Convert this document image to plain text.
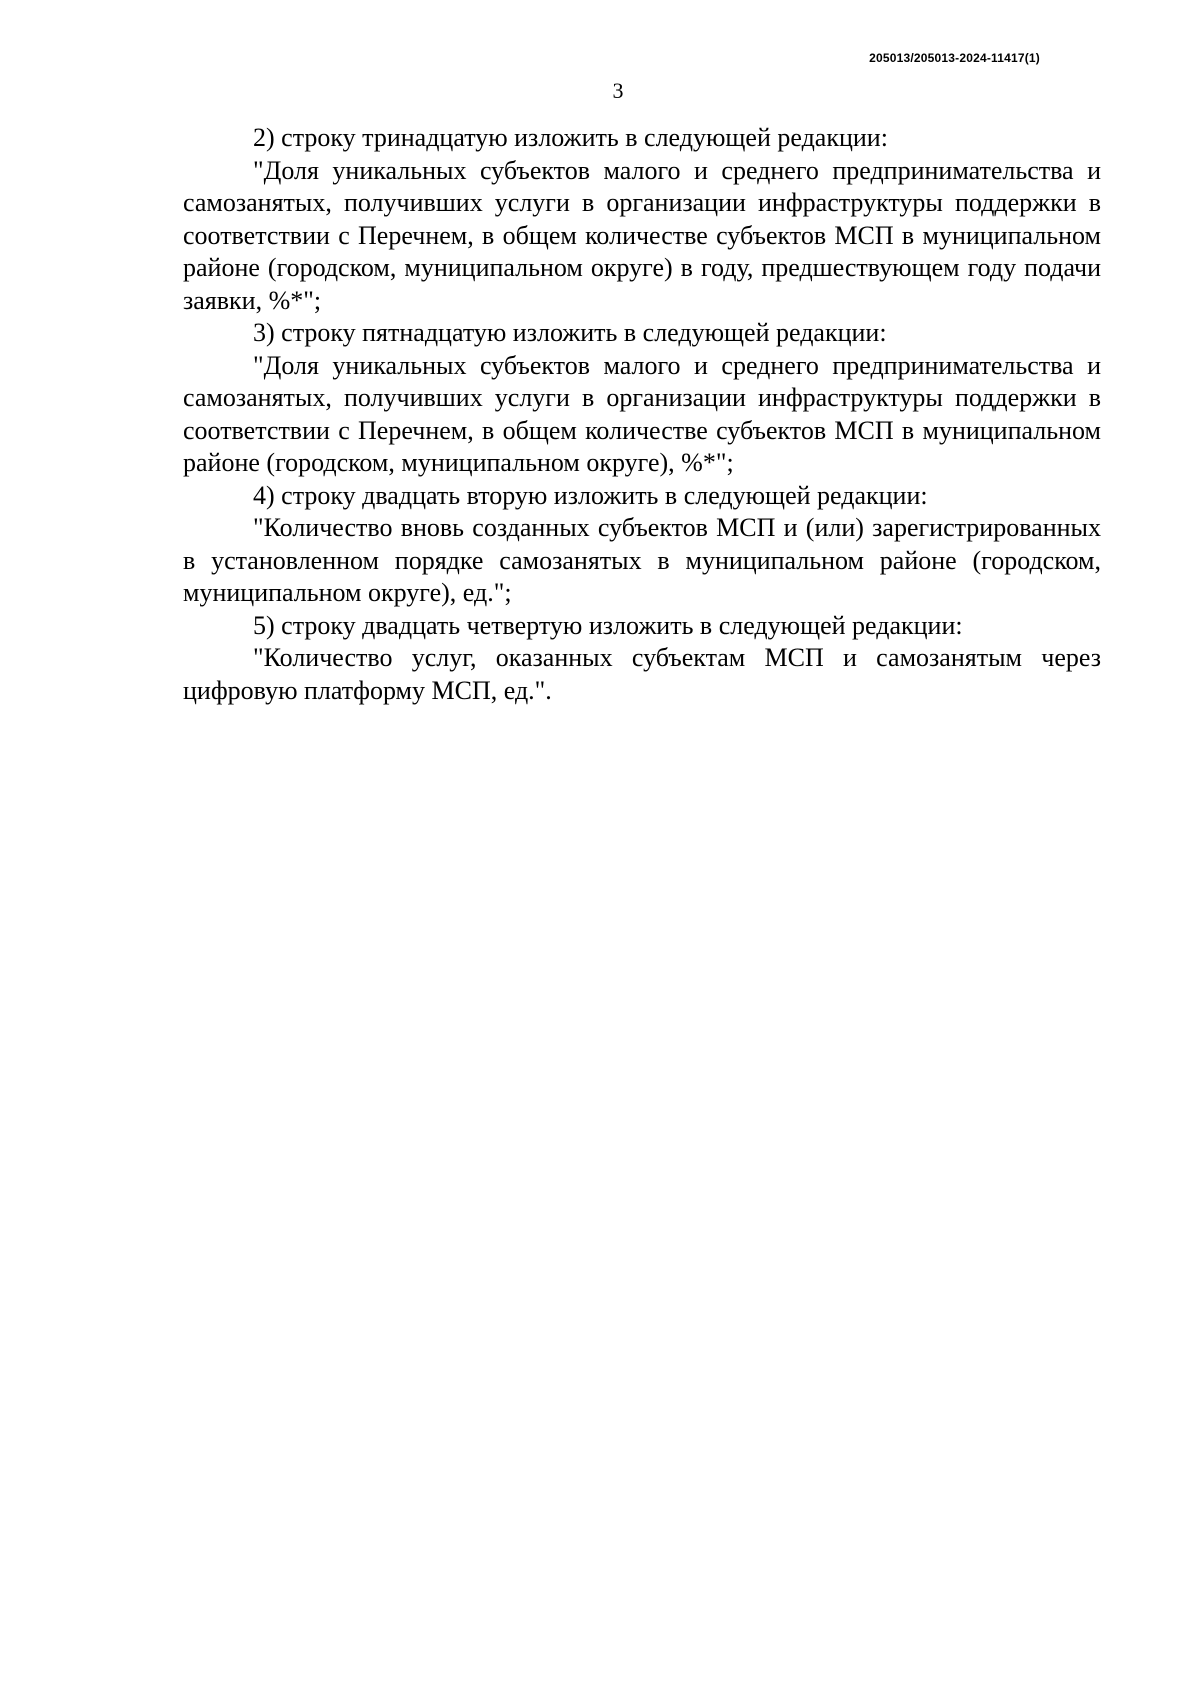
205013/205013-2024-11417(1)
3

2) строку тринадцатую изложить в следующей редакции:

"Доля уникальных субъектов малого и среднего предпринимательства и самозанятых, получивших услуги в организации инфраструктуры поддержки в соответствии с Перечнем, в общем количестве субъектов МСП в муниципальном районе (городском, муниципальном округе) в году, предшествующем году подачи заявки, %*";

3) строку пятнадцатую изложить в следующей редакции:

"Доля уникальных субъектов малого и среднего предпринимательства и самозанятых, получивших услуги в организации инфраструктуры поддержки в соответствии с Перечнем, в общем количестве субъектов МСП в муниципальном районе (городском, муниципальном округе), %*";

4) строку двадцать вторую изложить в следующей редакции:

"Количество вновь созданных субъектов МСП и (или) зарегистрированных в установленном порядке самозанятых в муниципальном районе (городском, муниципальном округе), ед.";

5) строку двадцать четвертую изложить в следующей редакции:

"Количество услуг, оказанных субъектам МСП и самозанятым через цифровую платформу МСП, ед.".
